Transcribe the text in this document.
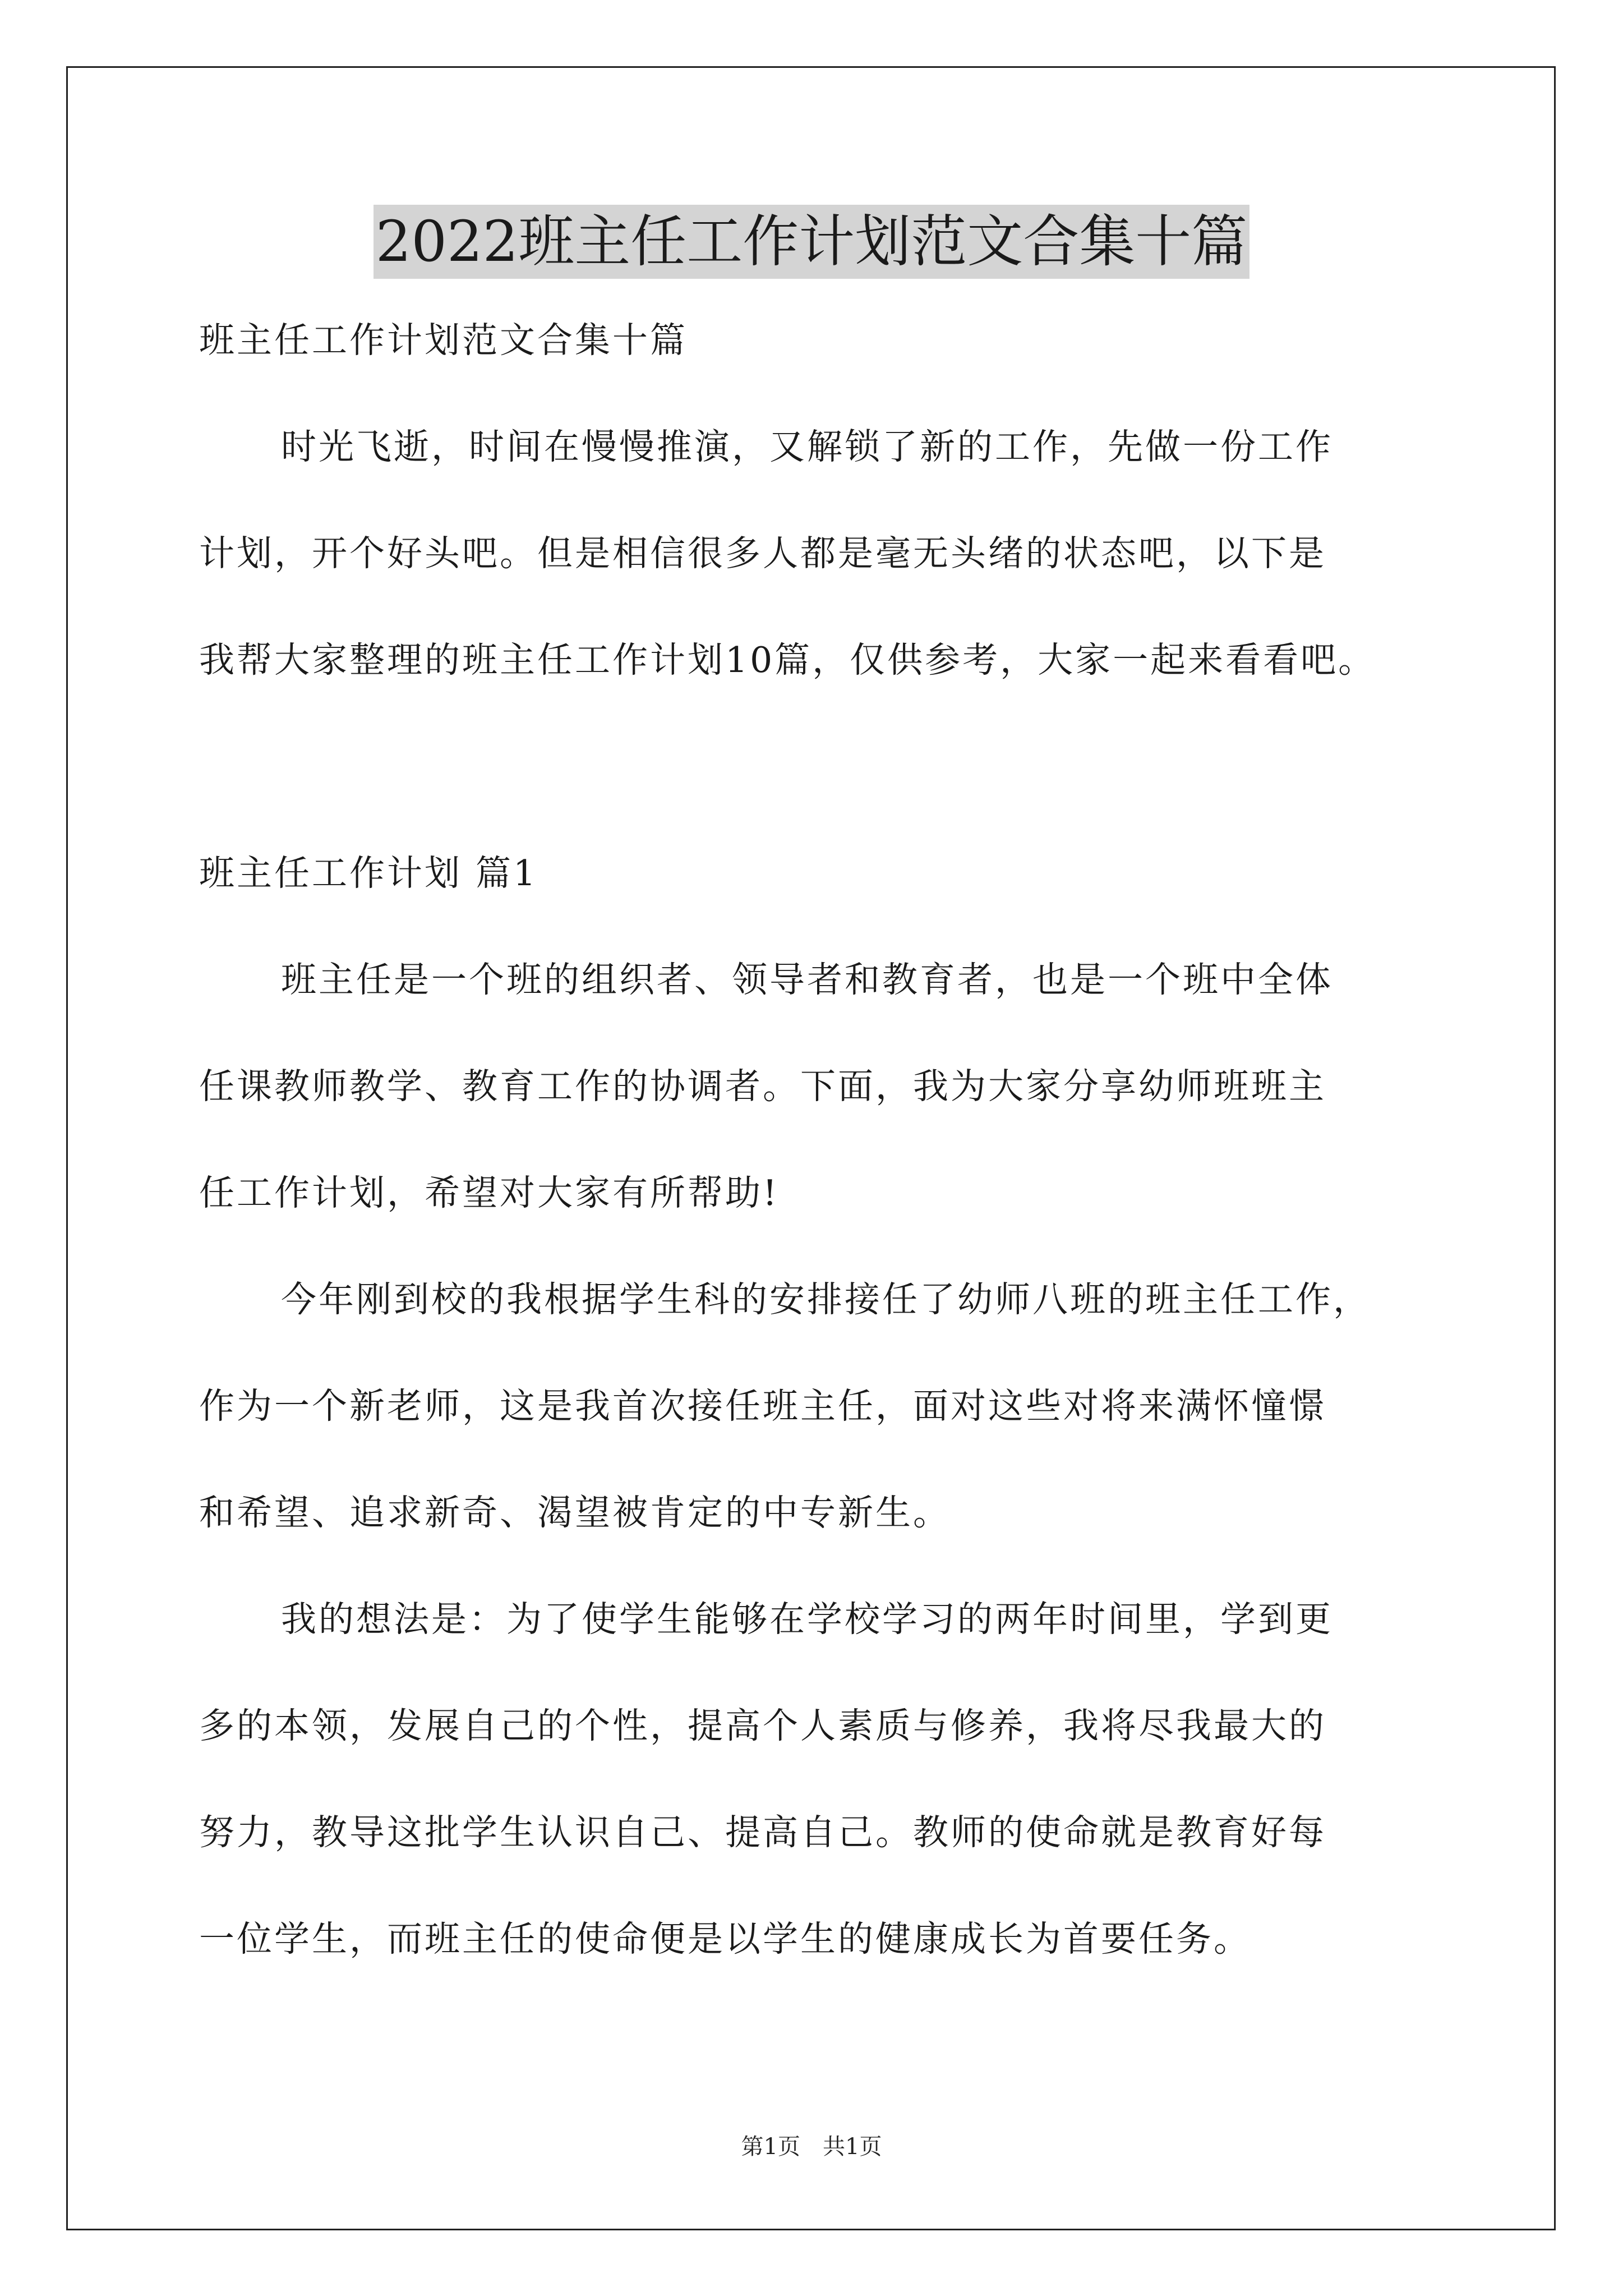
2022班主任工作计划范文合集十篇
班主任工作计划范文合集十篇
时光飞逝，时间在慢慢推演，又解锁了新的工作，先做一份工作
计划，开个好头吧。但是相信很多人都是毫无头绪的状态吧，以下是
我帮大家整理的班主任工作计划10篇，仅供参考，大家一起来看看吧。
班主任工作计划 篇1
班主任是一个班的组织者、领导者和教育者，也是一个班中全体
任课教师教学、教育工作的协调者。下面，我为大家分享幼师班班主
任工作计划，希望对大家有所帮助!
今年刚到校的我根据学生科的安排接任了幼师八班的班主任工作，
作为一个新老师，这是我首次接任班主任，面对这些对将来满怀憧憬
和希望、追求新奇、渴望被肯定的中专新生。
我的想法是：为了使学生能够在学校学习的两年时间里，学到更
多的本领，发展自己的个性，提高个人素质与修养，我将尽我最大的
努力，教导这批学生认识自己、提高自己。教师的使命就是教育好每
一位学生，而班主任的使命便是以学生的健康成长为首要任务。
第1页　共1页
